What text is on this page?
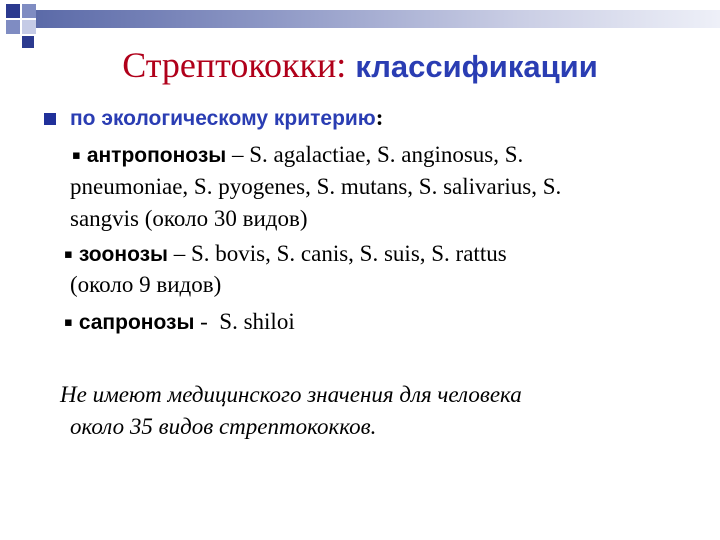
Стрептококки: классификации
по экологическому критерию:
▪ антропонозы – S. agalactiae, S. anginosus, S.
pneumoniae, S. pyogenes, S. mutans, S. salivarius, S.
sangvis (около 30 видов)
▪ зоонозы – S. bovis, S. canis, S. suis, S. rattus
(около 9 видов)
▪ сапронозы -  S. shiloi
Не имеют медицинского значения для человека
около 35 видов стрептококков.
